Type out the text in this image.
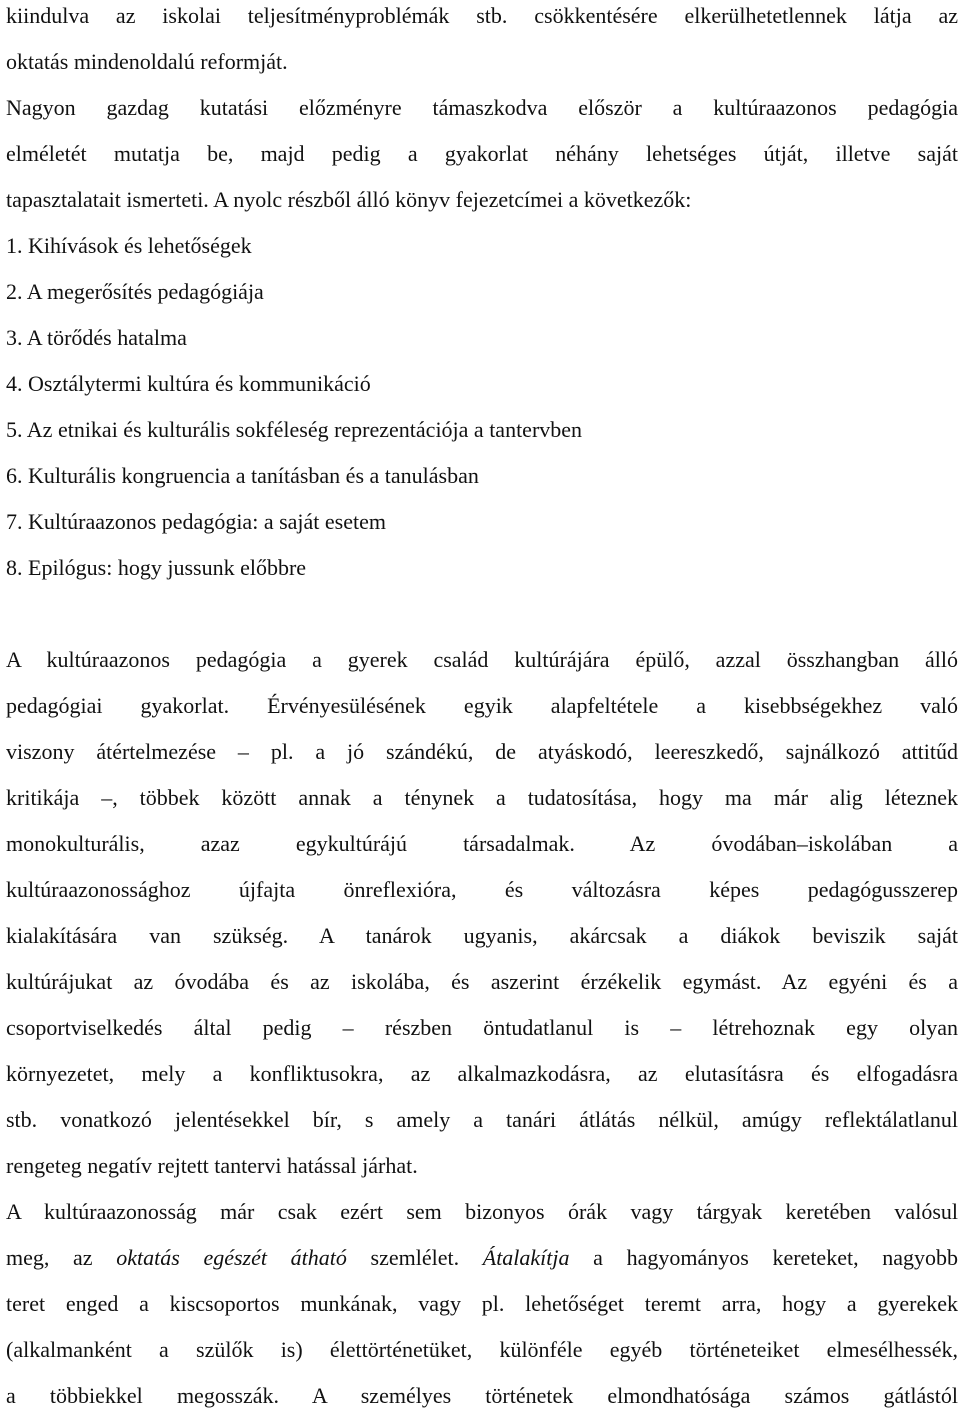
kiindulva az iskolai teljesítményproblémák stb. csökkentésére elkerülhetetlennek látja az
oktatás mindenoldalú reformját.
Nagyon gazdag kutatási előzményre támaszkodva először a kultúraazonos pedagógia
elméletét mutatja be, majd pedig a gyakorlat néhány lehetséges útját, illetve saját
tapasztalatait ismerteti. A nyolc részből álló könyv fejezetcímei a következők:
1. Kihívások és lehetőségek
2. A megerősítés pedagógiája
3. A törődés hatalma
4. Osztálytermi kultúra és kommunikáció
5. Az etnikai és kulturális sokféleség reprezentációja a tantervben
6. Kulturális kongruencia a tanításban és a tanulásban
7. Kultúraazonos pedagógia: a saját esetem
8. Epilógus: hogy jussunk előbbre
A kultúraazonos pedagógia a gyerek család kultúrájára épülő, azzal összhangban álló
pedagógiai gyakorlat. Érvényesülésének egyik alapfeltétele a kisebbségekhez való
viszony átértelmezése – pl. a jó szándékú, de atyáskodó, leereszkedő, sajnálkozó attitűd
kritikája –, többek között annak a ténynek a tudatosítása, hogy ma már alig léteznek
monokulturális, azaz egykultúrájú társadalmak. Az óvodában–iskolában a
kultúraazonossághoz újfajta önreflexióra, és változásra képes pedagógusszerep
kialakítására van szükség. A tanárok ugyanis, akárcsak a diákok beviszik saját
kultúrájukat az óvodába és az iskolába, és aszerint érzékelik egymást. Az egyéni és a
csoportviselkedés által pedig – részben öntudatlanul is – létrehoznak egy olyan
környezetet, mely a konfliktusokra, az alkalmazkodásra, az elutasításra és elfogadásra
stb. vonatkozó jelentésekkel bír, s amely a tanári átlátás nélkül, amúgy reflektálatlanul
rengeteg negatív rejtett tantervi hatással járhat.
A kultúraazonosság már csak ezért sem bizonyos órák vagy tárgyak keretében valósul
meg, az oktatás egészét átható szemlélet. Átalakítja a hagyományos kereteket, nagyobb
teret enged a kiscsoportos munkának, vagy pl. lehetőséget teremt arra, hogy a gyerekek
(alkalmanként a szülők is) élettörténetüket, különféle egyéb történeteiket elmesélhessék,
a többiekkel megosszák. A személyes történetek elmondhatósága számos gátlástól
